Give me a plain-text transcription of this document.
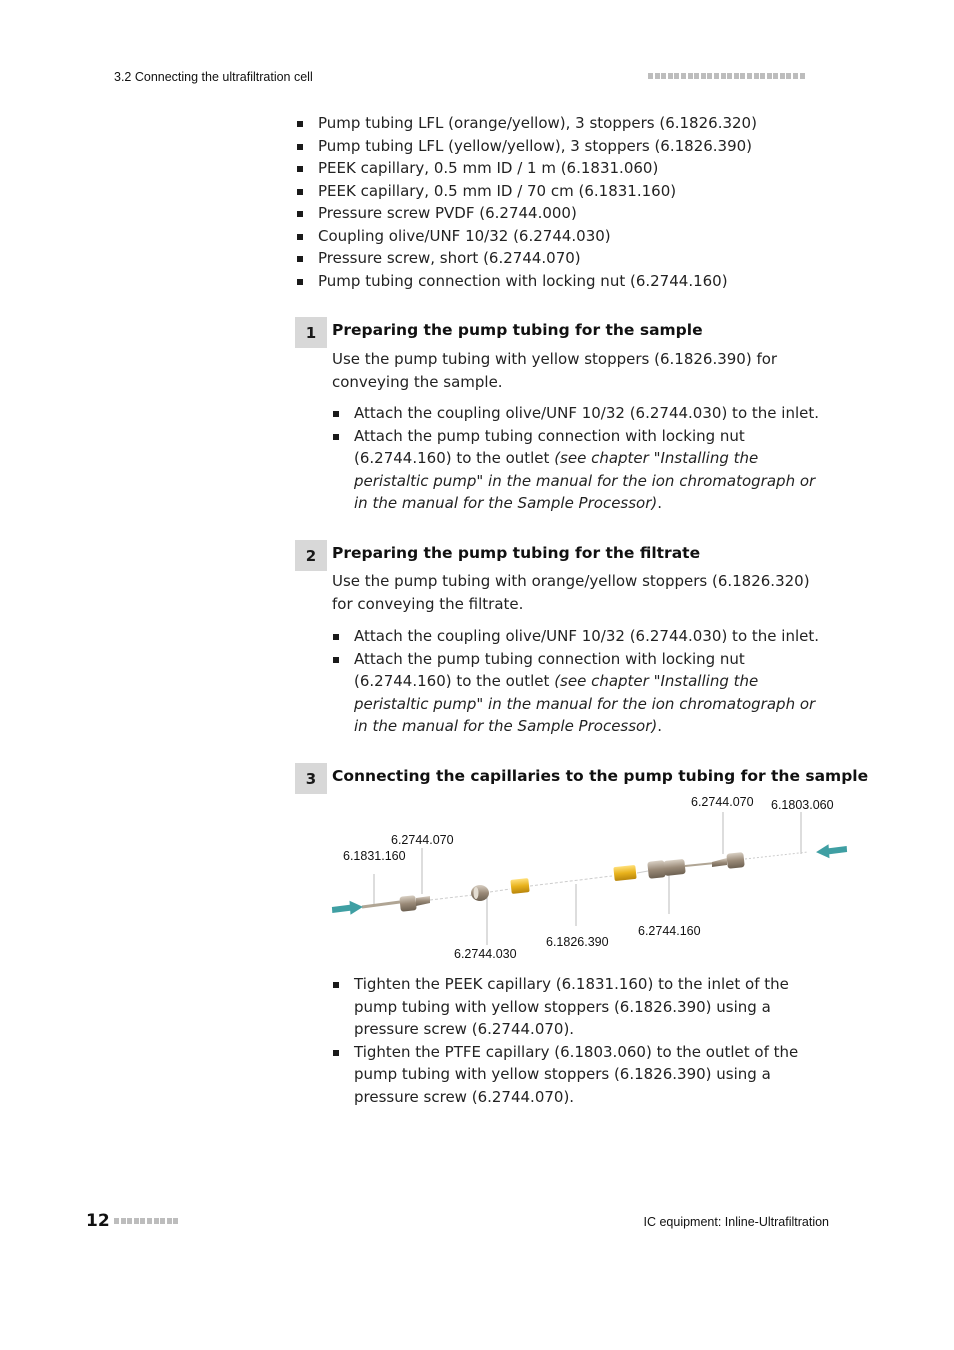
3.2 Connecting the ultrafiltration cell
Pump tubing LFL (orange/yellow), 3 stoppers (6.1826.320)
Pump tubing LFL (yellow/yellow), 3 stoppers (6.1826.390)
PEEK capillary, 0.5 mm ID / 1 m (6.1831.060)
PEEK capillary, 0.5 mm ID / 70 cm (6.1831.160)
Pressure screw PVDF (6.2744.000)
Coupling olive/UNF 10/32 (6.2744.030)
Pressure screw, short (6.2744.070)
Pump tubing connection with locking nut (6.2744.160)
1	Preparing the pump tubing for the sample
Use the pump tubing with yellow stoppers (6.1826.390) for conveying the sample.
Attach the coupling olive/UNF 10/32 (6.2744.030) to the inlet.
Attach the pump tubing connection with locking nut (6.2744.160) to the outlet (see chapter "Installing the peristaltic pump" in the manual for the ion chromatograph or in the manual for the Sample Processor).
2	Preparing the pump tubing for the filtrate
Use the pump tubing with orange/yellow stoppers (6.1826.320) for conveying the filtrate.
Attach the coupling olive/UNF 10/32 (6.2744.030) to the inlet.
Attach the pump tubing connection with locking nut (6.2744.160) to the outlet (see chapter "Installing the peristaltic pump" in the manual for the ion chromatograph or in the manual for the Sample Processor).
3	Connecting the capillaries to the pump tubing for the sample
6.2744.070 6.1803.060
6.2744.070
6.1831.160
6.2744.160
6.1826.390
6.2744.030
Tighten the PEEK capillary (6.1831.160) to the inlet of the pump tubing with yellow stoppers (6.1826.390) using a pressure screw (6.2744.070).
Tighten the PTFE capillary (6.1803.060) to the outlet of the pump tubing with yellow stoppers (6.1826.390) using a pressure screw (6.2744.070).
12	IC equipment: Inline-Ultrafiltration
